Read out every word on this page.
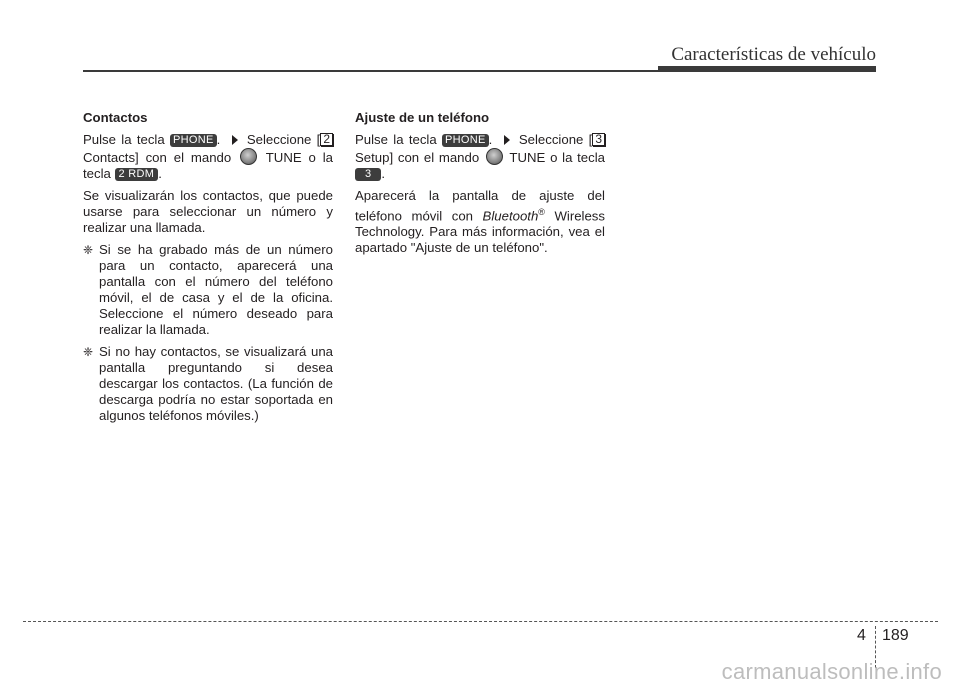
Características de vehículo
Contactos

Pulse la tecla PHONE .  Seleccione [ 2 Contacts] con el mando  TUNE o la tecla 2 RDM .

Se visualizarán los contactos, que puede usarse para seleccionar un número y realizar una llamada.

❈ Si se ha grabado más de un número para un contacto, aparecerá una pantalla con el número del teléfono móvil, el de casa y el de la oficina. Seleccione el número deseado para realizar la llamada.
❈ Si no hay contactos, se visualizará una pantalla preguntando si desea descargar los contactos. (La función de descarga podría no estar soportada en algunos teléfonos móviles.)
Ajuste de un teléfono

Pulse la tecla PHONE .  Seleccione [ 3 Setup] con el mando  TUNE o la tecla 3 .

Aparecerá la pantalla de ajuste del teléfono móvil con Bluetooth® Wireless Technology. Para más información, vea el apartado "Ajuste de un teléfono".

4 189
carmanualsonline.info
